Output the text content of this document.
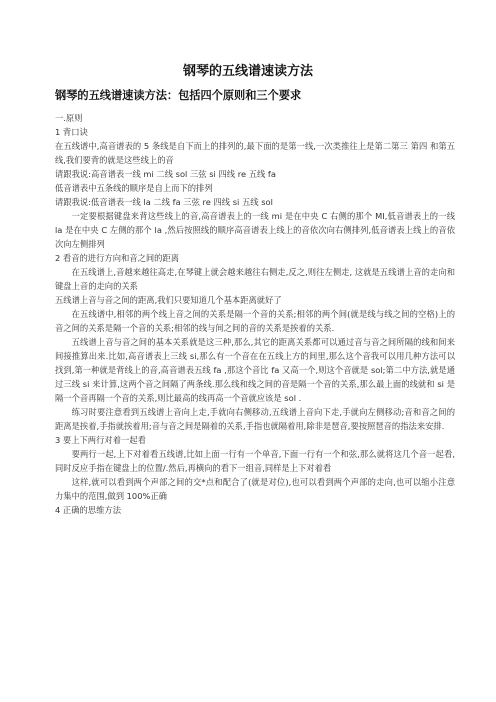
钢琴的五线谱速读方法
钢琴的五线谱速读方法：包括四个原则和三个要求

一.原则

1 背口诀

在五线谱中,高音谱表的 5 条线是自下而上的排列的,最下面的是第一线,一次类推往上是第二第三 第四 和第五线,我们要背的就是这些线上的音

请跟我说:高音谱表一线 mi 二线 sol 三弦 si 四线 re 五线 fa

低音谱表中五条线的顺序是自上而下的排列

请跟我说:低音谱表一线 la 二线 fa 三弦 re 四线 si 五线 sol

一定要根据键盘来背这些线上的音,高音谱表上的一线 mi 是在中央 C 右侧的那个 MI,低音谱表上的一线 la 是在中央 C 左侧的那个 la ,然后按照线的顺序高音谱表上线上的音依次向右侧排列,低音谱表上线上的音依次向左侧排列

2 看音的进行方向和音之间的距离

在五线谱上,音越来越往高走,在琴键上就会越来越往右侧走,反之,则往左侧走, 这就是五线谱上音的走向和键盘上音的走向的关系

五线谱上音与音之间的距离,我们只要知道几个基本距离就好了

在五线谱中,相邻的两个线上音之间的关系是隔一个音的关系;相邻的两个间(就是线与线之间的空格)上的音之间的关系是隔一个音的关系;相邻的线与间之间的音的关系是挨着的关系.

五线谱上音与音之间的基本关系就是这三种,那么,其它的距离关系都可以通过音与音之间所隔的线和间来间接推算出来.比如,高音谱表上三线 si,那么有一个音在在五线上方的间里,那么这个音我可以用几种方法可以找到,第一种就是背线上的音,高音谱表五线 fa ,那这个音比 fa 又高一个,则这个音就是 sol;第二中方法,就是通过三线 si 来计算,这两个音之间隔了两条线.那么线和线之间的音是隔一个音的关系,那么最上面的线就和 si 是隔一个音再隔一个音的关系,则比最高的线再高一个音就应该是 sol .

练习时要注意看到五线谱上音向上走,手就向右侧移动,五线谱上音向下走,手就向左侧移动;音和音之间的距离是挨着,手指就挨着用;音与音之间是隔着的关系,手指也就隔着用,除非是琶音,要按照琶音的指法来安排.

3 要上下两行对着一起看

要两行一起,上下对着看五线谱,比如上面一行有一个单音,下面一行有一个和弦,那么就将这几个音一起看,同时反应手指在键盘上的位置/.然后,再横向的看下一组音,同样是上下对着看

这样,就可以看到两个声部之间的交*点和配合了(就是对位),也可以看到两个声部的走向,也可以缩小注意力集中的范围,做到 100%正确

4 正确的思维方法
